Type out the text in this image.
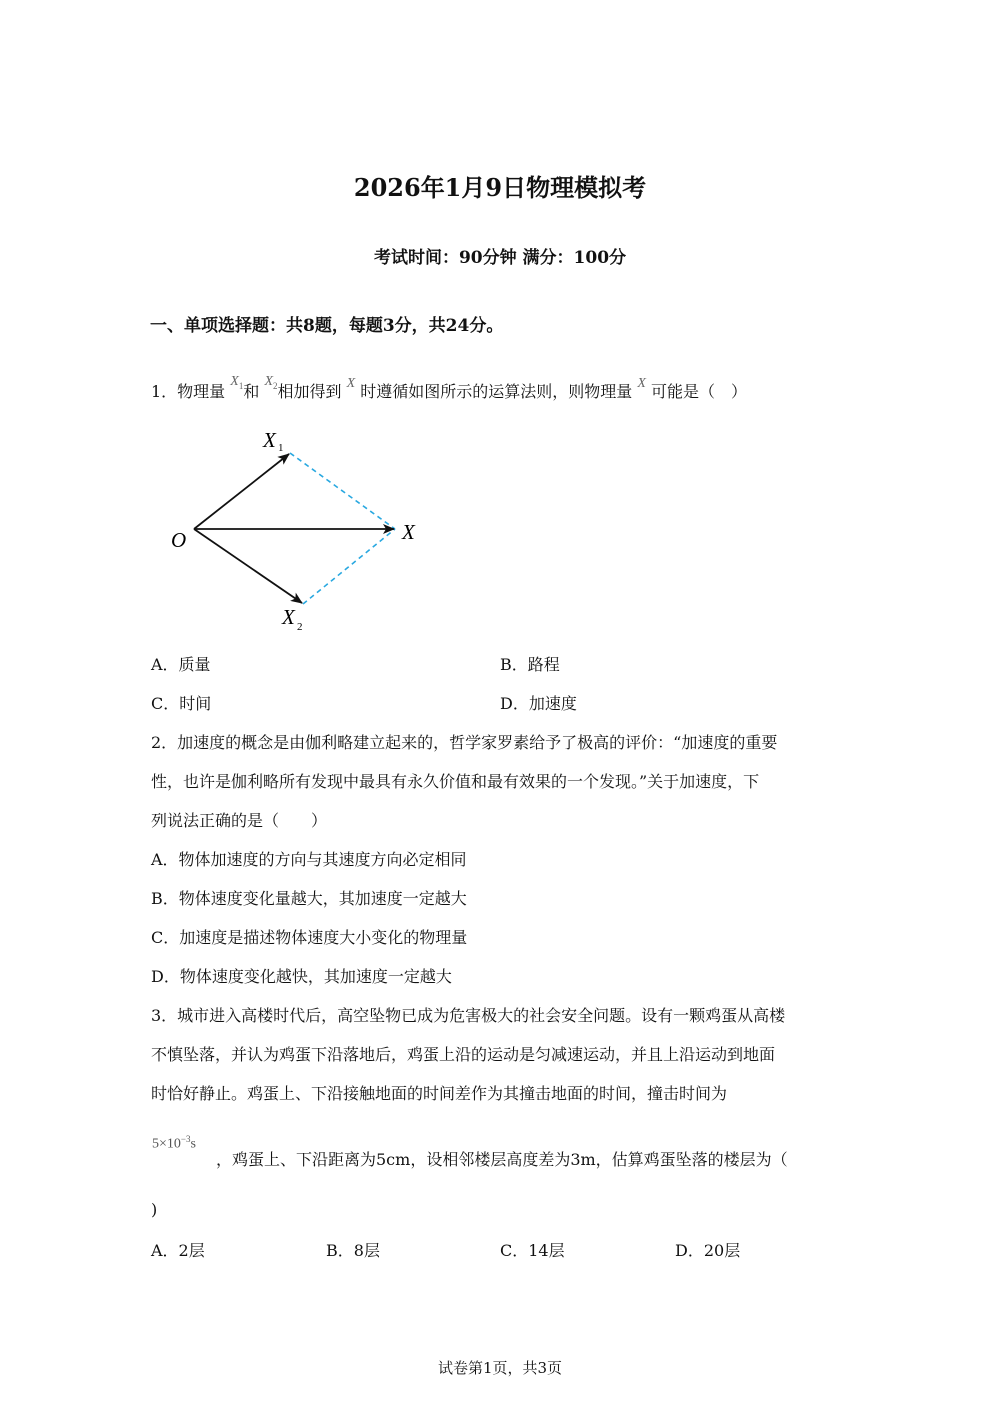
2026年1月9日物理模拟考
考试时间：90分钟 满分：100分
一、单项选择题：共8题，每题3分，共24分。
1．物理量 $X_1$和 $X_2$相加得到 X 时遵循如图所示的运算法则，则物理量 X 可能是（　）
O	X
X 1
X 2
A．质量	B．路程
C．时间	D．加速度
2．加速度的概念是由伽利略建立起来的，哲学家罗素给予了极高的评价：“加速度的重要
性，也许是伽利略所有发现中最具有永久价值和最有效果的一个发现。”关于加速度，下
列说法正确的是（　　）
A．物体加速度的方向与其速度方向必定相同
B．物体速度变化量越大，其加速度一定越大
C．加速度是描述物体速度大小变化的物理量
D．物体速度变化越快，其加速度一定越大
3．城市进入高楼时代后，高空坠物已成为危害极大的社会安全问题。设有一颗鸡蛋从高楼
不慎坠落，并认为鸡蛋下沿落地后，鸡蛋上沿的运动是匀减速运动，并且上沿运动到地面
时恰好静止。鸡蛋上、下沿接触地面的时间差作为其撞击地面的时间，撞击时间为
$5\times 10^{-3}s$
，鸡蛋上、下沿距离为5cm，设相邻楼层高度差为3m，估算鸡蛋坠落的楼层为（
)
A．2层	B．8层	C．14层	D．20层
试卷第1页，共3页
